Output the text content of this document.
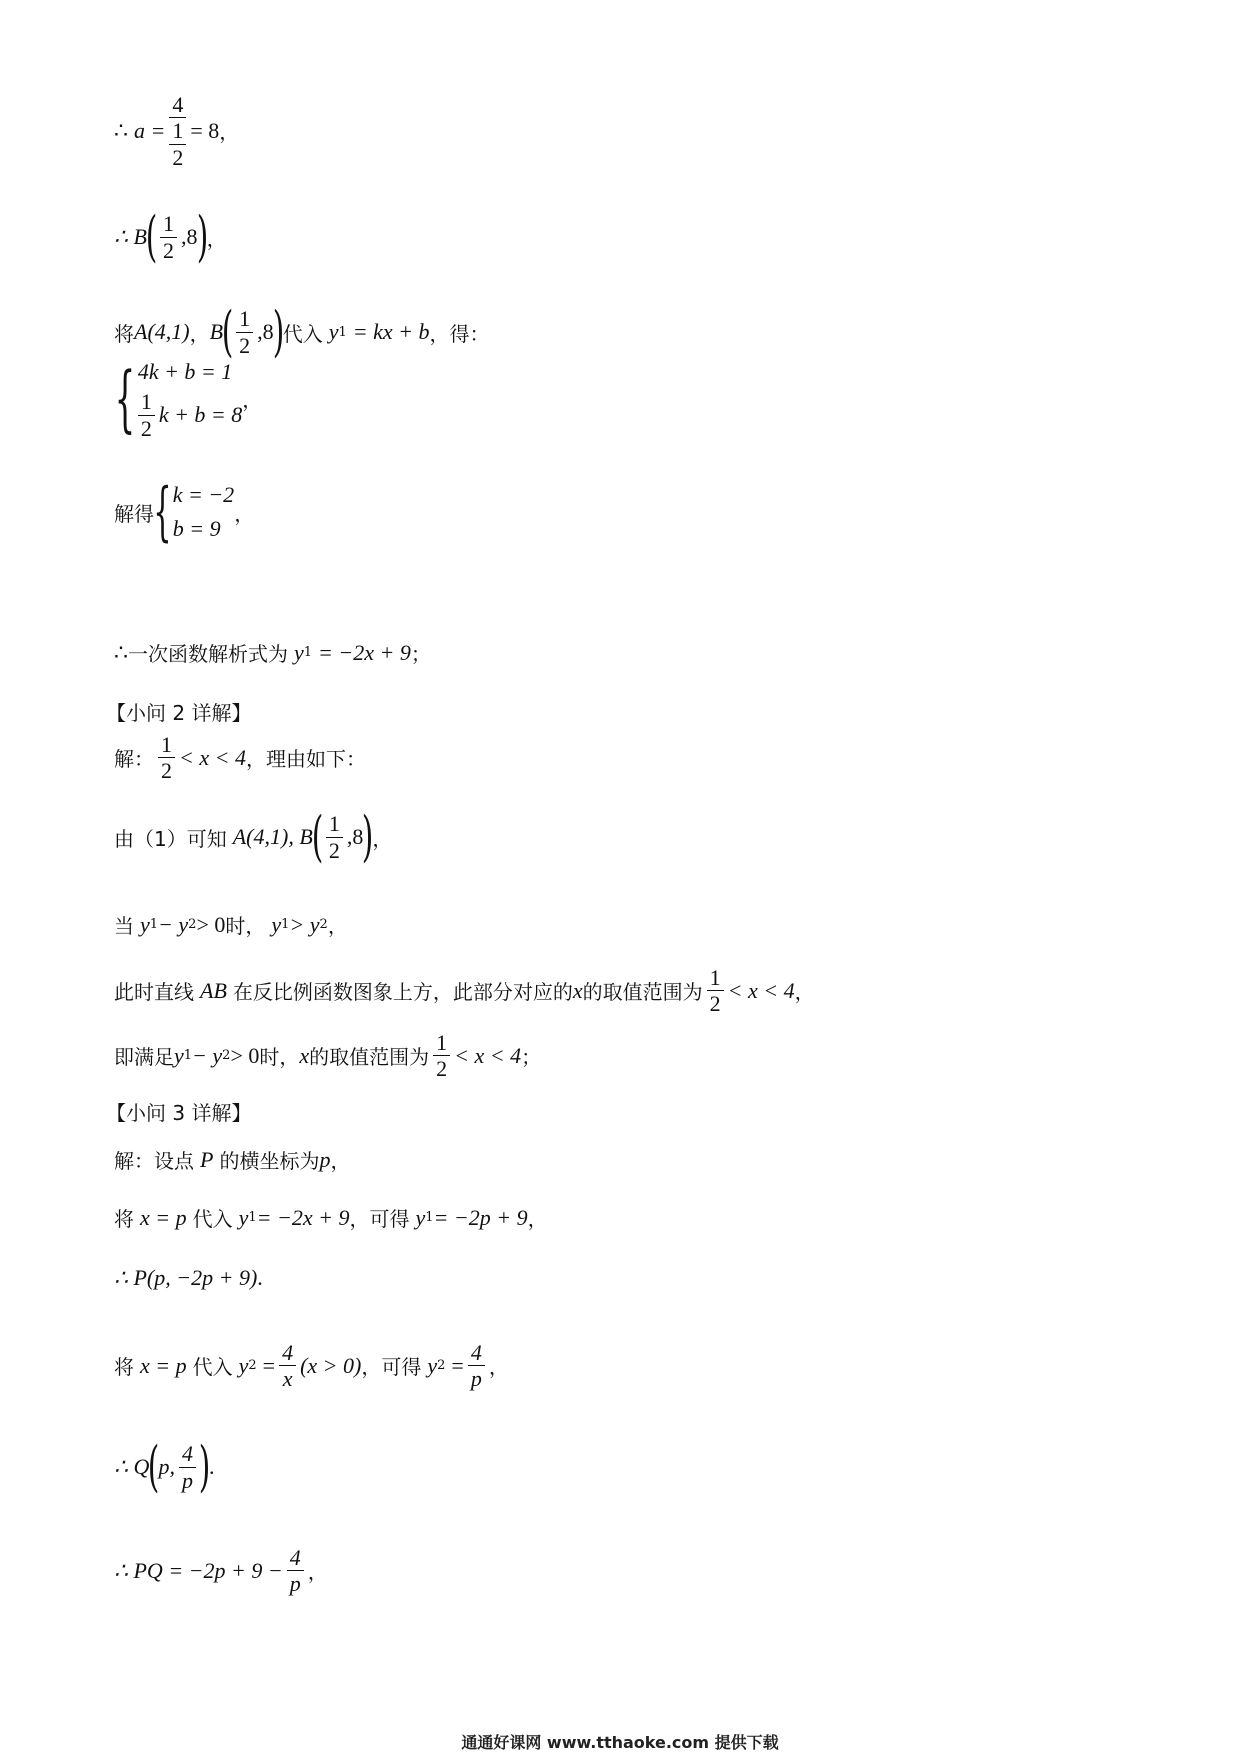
∴ $a = \frac{4}{\frac{1}{2}} = 8$ ，
∴ B
( $\frac{1}{2} ,8$
)
，
将 A(4,1) ， B
( $\frac{1}{2} ,8$
)
代入 y 1 = kx + b ，得：
{ 4k + b = 1
$\frac{1}{2}$ k + b = 8
，
解得 { k = −2
b = 9
，
∴ 一次函数解析式为 y 1 = −2x + 9 ；
【小问 2 详解】
解： $\frac{1}{2} < x < 4$ ，理由如下：
由（1）可知 A(4,1), B
( $\frac{1}{2} ,8$
)
，
当 y 1 − y 2 > 0 时， y 1 > y 2 ，
此时直线 AB 在反比例函数图象上方，此部分对应的 x 的取值范围为 $\frac{1}{2} < x < 4$ ，
即满足 y 1 − y 2 > 0 时， x 的取值范围为 $\frac{1}{2} < x < 4$ ；
【小问 3 详解】
解：设点 P 的横坐标为 p ，
将 x = p 代入 y 1 = −2x + 9 ，可得 y 1 = −2p + 9 ，
∴ P(p, −2p + 9) .
将 x = p 代入 y $2 = \frac{4}{x} (x > 0)$ ，可得 y $2 = \frac{4}{p}$ ，
∴ Q
(
p, $\frac{4}{p}$ )
.
∴ PQ = $-2p + 9 - \frac{4}{p}$ ，
通通好课网 www.tthaoke.com 提供下载
